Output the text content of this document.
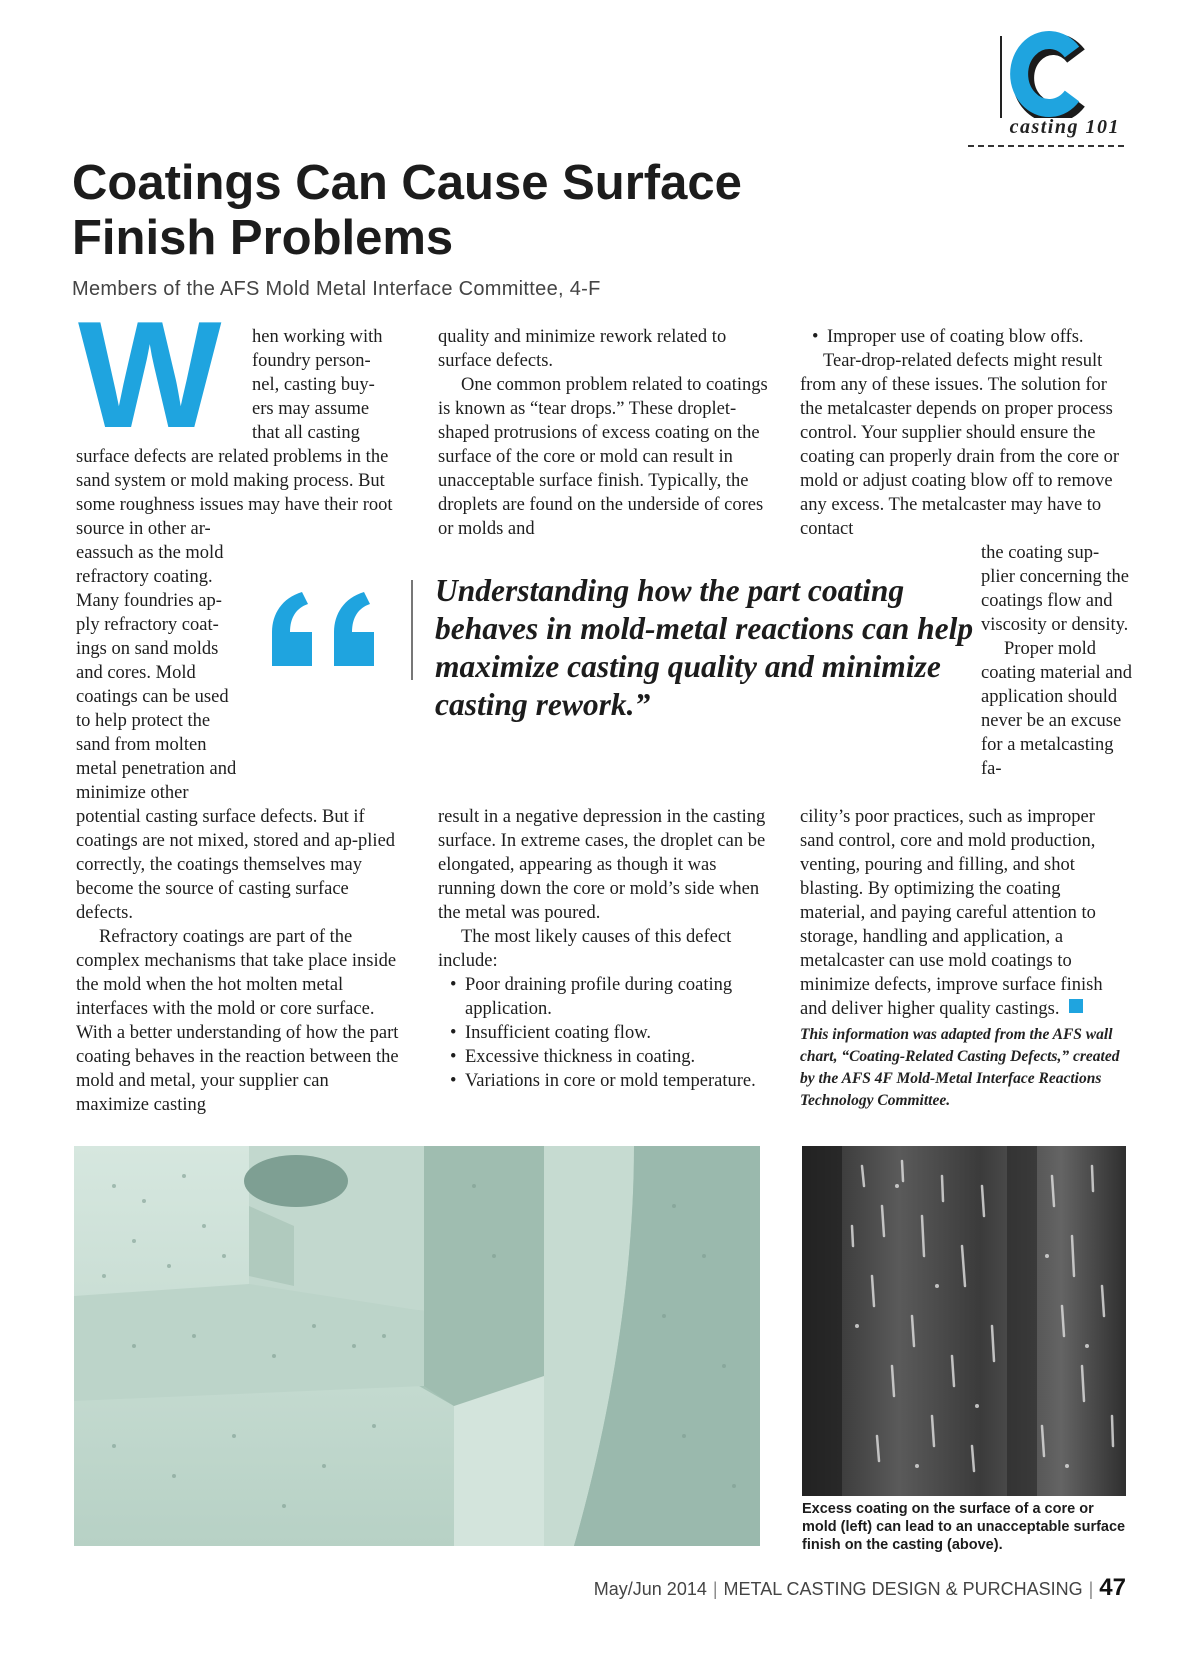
casting 101
Coatings Can Cause Surface
Finish Problems
Members of the AFS Mold Metal Interface Committee, 4-F
W hen working with
foundry person-
nel, casting buy-
ers may assume
that all casting

surface defects are related problems in the sand system or mold making process. But some roughness issues may have their root source in other ar-

eassuch as the mold refractory coating. Many foundries ap-ply refractory coat-ings on sand molds and cores. Mold coatings can be used to help protect the sand from molten metal penetration and minimize other

potential casting surface defects. But if coatings are not mixed, stored and ap-plied correctly, the coatings themselves may become the source of casting surface defects.

Refractory coatings are part of the complex mechanisms that take place inside the mold when the hot molten metal interfaces with the mold or core surface. With a better understanding of how the part coating behaves in the reaction between the mold and metal, your supplier can maximize casting

quality and minimize rework related to surface defects.

One common problem related to coatings is known as “tear drops.” These droplet-shaped protrusions of excess coating on the surface of the core or mold can result in unacceptable surface finish. Typically, the droplets are found on the underside of cores or molds and

result in a negative depression in the casting surface. In extreme cases, the droplet can be elongated, appearing as though it was running down the core or mold’s side when the metal was poured.

The most likely causes of this defect include:

• Poor draining profile during coating application.
• Insufficient coating flow.
• Excessive thickness in coating.
• Variations in core or mold temperature.
• Improper use of coating blow offs.

Tear-drop-related defects might result from any of these issues. The solution for the metalcaster depends on proper process control. Your supplier should ensure the coating can properly drain from the core or mold or adjust coating blow off to remove any excess. The metalcaster may have to contact

the coating sup-plier concerning the coatings flow and viscosity or density.

Proper mold coating material and application should never be an excuse for a metalcasting fa-

cility’s poor practices, such as improper sand control, core and mold production, venting, pouring and filling, and shot blasting. By optimizing the coating material, and paying careful attention to storage, handling and application, a metalcaster can use mold coatings to minimize defects, improve surface finish and deliver higher quality castings.

Understanding how the part coating behaves in mold-metal reactions can help maximize casting quality and minimize casting rework.”
This information was adapted from the AFS wall chart, “Coating-Related Casting Defects,” created by the AFS 4F Mold-Metal Interface Reactions Technology Committee.
Excess coating on the surface of a core or mold (left) can lead to an unacceptable surface finish on the casting (above).
May/Jun 2014 | METAL CASTING DESIGN & PURCHASING | 47
